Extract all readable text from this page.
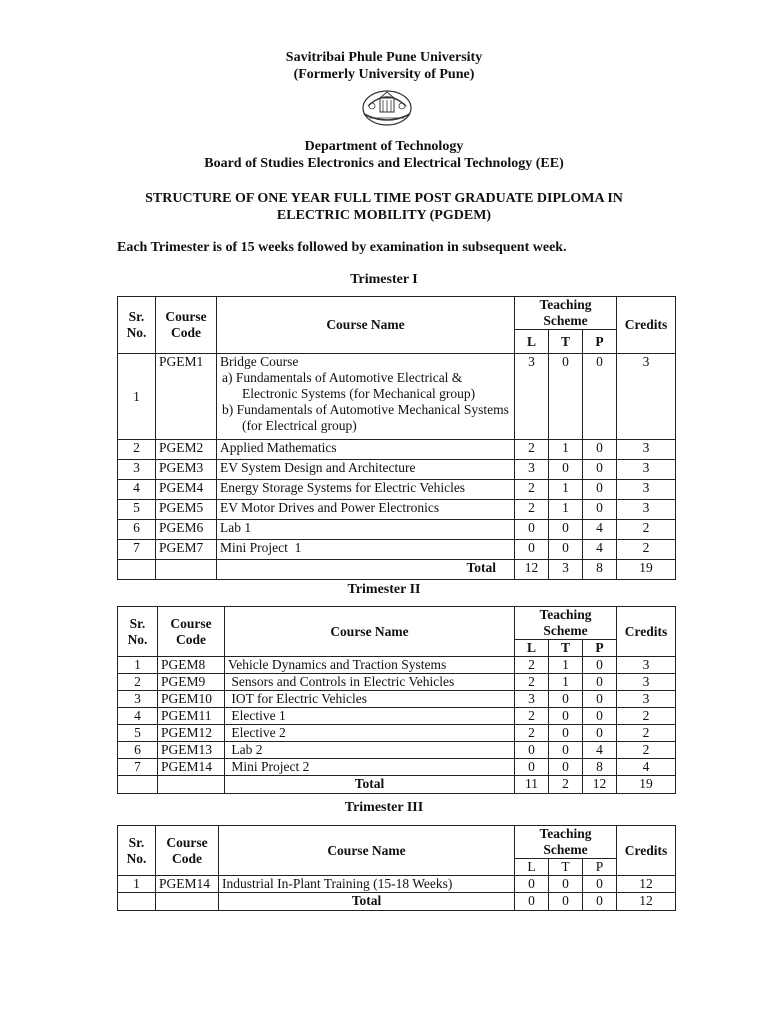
Savitribai Phule Pune University
(Formerly University of Pune)
Department of Technology
Board of Studies Electronics and Electrical Technology (EE)
STRUCTURE OF ONE YEAR FULL TIME POST GRADUATE DIPLOMA IN
ELECTRIC MOBILITY (PGDEM)
Each Trimester is of 15 weeks followed by examination in subsequent week.
Trimester I
Sr. No.	Course Code	Course Name	Teaching Scheme			Credits
			L	T	P	
1	PGEM1	Bridge Course
a) Fundamentals of Automotive Electrical & Electronic Systems (for Mechanical group)
b) Fundamentals of Automotive Mechanical Systems (for Electrical group)	3	0	0	3
2	PGEM2	Applied Mathematics	2	1	0	3
3	PGEM3	EV System Design and Architecture	3	0	0	3
4	PGEM4	Energy Storage Systems for Electric Vehicles	2	1	0	3
5	PGEM5	EV Motor Drives and Power Electronics	2	1	0	3
6	PGEM6	Lab 1	0	0	4	2
7	PGEM7	Mini Project  1	0	0	4	2
		Total	12	3	8	19
Trimester II
Sr. No.	Course Code	Course Name	Teaching Scheme			Credits
			L	T	P	
1	PGEM8	Vehicle Dynamics and Traction Systems	2	1	0	3
2	PGEM9	Sensors and Controls in Electric Vehicles	2	1	0	3
3	PGEM10	IOT for Electric Vehicles	3	0	0	3
4	PGEM11	Elective 1	2	0	0	2
5	PGEM12	Elective 2	2	0	0	2
6	PGEM13	Lab 2	0	0	4	2
7	PGEM14	Mini Project 2	0	0	8	4
		Total	11	2	12	19
Trimester III
Sr. No.	Course Code	Course Name	Teaching Scheme			Credits
			L	T	P	
1	PGEM14	Industrial In-Plant Training (15-18 Weeks)	0	0	0	12
		Total	0	0	0	12
